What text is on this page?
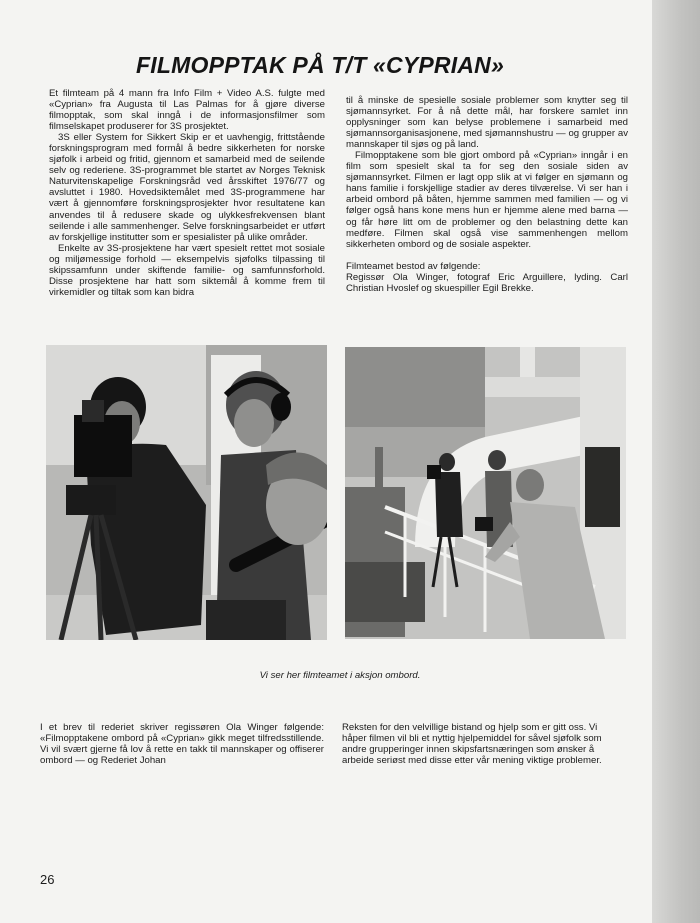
FILMOPPTAK PÅ T/T «CYPRIAN»

Et filmteam på 4 mann fra Info Film + Video A.S. fulgte med «Cyprian» fra Augusta til Las Palmas for å gjøre diverse filmopptak, som skal inngå i de informasjonsfilmer som filmselskapet produserer for 3S prosjektet.

3S eller System for Sikkert Skip er et uavhengig, frittstående forskningsprogram med formål å bedre sikkerheten for norske sjøfolk i arbeid og fritid, gjennom et samarbeid med de seilende selv og rederiene. 3S-programmet ble startet av Norges Teknisk Naturvitenskapelige Forskningsråd ved årsskiftet 1976/77 og avsluttet i 1980. Hovedsiktemålet med 3S-programmene har vært å gjennomføre forskningsprosjekter hvor resultatene kan anvendes til å redusere skade og ulykkesfrekvensen blant seilende i alle sammenhenger. Selve forskningsarbeidet er utført av forskjellige institutter som er spesialister på ulike områder.

Enkelte av 3S-prosjektene har vært spesielt rettet mot sosiale og miljømessige forhold — eksempelvis sjøfolks tilpassing til skipssamfunn under skiftende familie- og samfunnsforhold. Disse prosjektene har hatt som siktemål å komme frem til virkemidler og tiltak som kan bidra

til å minske de spesielle sosiale problemer som knytter seg til sjømannsyrket. For å nå dette mål, har forskere samlet inn opplysninger som kan belyse problemene i samarbeid med sjømannsorganisasjonene, med sjømannshustru — og grupper av mannskaper til sjøs og på land.

Filmopptakene som ble gjort ombord på «Cyprian» inngår i en film som spesielt skal ta for seg den sosiale siden av sjømannsyrket. Filmen er lagt opp slik at vi følger en sjømann og hans familie i forskjellige stadier av deres tilværelse. Vi ser han i arbeid ombord på båten, hjemme sammen med familien — og vi følger også hans kone mens hun er hjemme alene med barna — og får høre litt om de problemer og den belastning dette kan medføre. Filmen skal også vise sammenhengen mellom sikkerheten ombord og de sosiale aspekter.

Filmteamet bestod av følgende:

Regissør Ola Winger, fotograf Eric Arguillere, lyding. Carl Christian Hvoslef og skuespiller Egil Brekke.

Vi ser her filmteamet i aksjon ombord.

I et brev til rederiet skriver regissøren Ola Winger følgende: «Filmopptakene ombord på «Cyprian» gikk meget tilfredsstillende. Vi vil svært gjerne få lov å rette en takk til mannskaper og offiserer ombord — og Rederiet Johan

Reksten for den velvillige bistand og hjelp som er gitt oss. Vi håper filmen vil bli et nyttig hjelpemiddel for såvel sjøfolk som andre grupperinger innen skipsfartsnæringen som ønsker å arbeide seriøst med disse etter vår mening viktige problemer.

26
